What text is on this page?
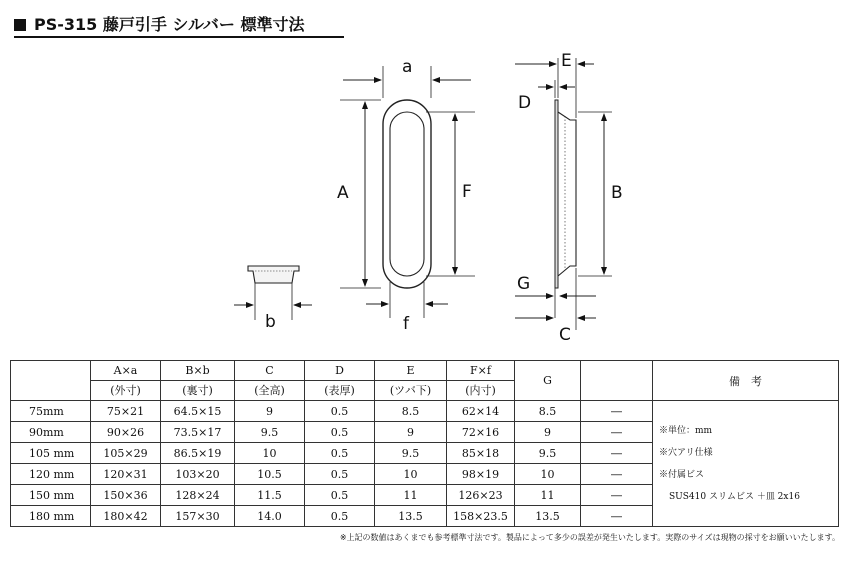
PS-315 藤戸引手 シルバー 標準寸法
a
A	F
f
b
E
D
B
G
C
	A×a	B×b	C	D	E	F×f	G		備　考
	(外寸)	(裏寸)	(全高)	(表厚)	(ツバ下)	(内寸)			
75mm	75×21	64.5×15	9	0.5	8.5	62×14	8.5	―	※単位：mm
※穴アリ仕様
※付属ビス
SUS410 スリムビス ＋皿 2x16

90mm	90×26	73.5×17	9.5	0.5	9	72×16	9	―	
105 mm	105×29	86.5×19	10	0.5	9.5	85×18	9.5	―	
120 mm	120×31	103×20	10.5	0.5	10	98×19	10	―	
150 mm	150×36	128×24	11.5	0.5	11	126×23	11	―	
180 mm	180×42	157×30	14.0	0.5	13.5	158×23.5	13.5	―	
※上記の数値はあくまでも参考標準寸法です。製品によって多少の誤差が発生いたします。実際のサイズは現物の採寸をお願いいたします。
